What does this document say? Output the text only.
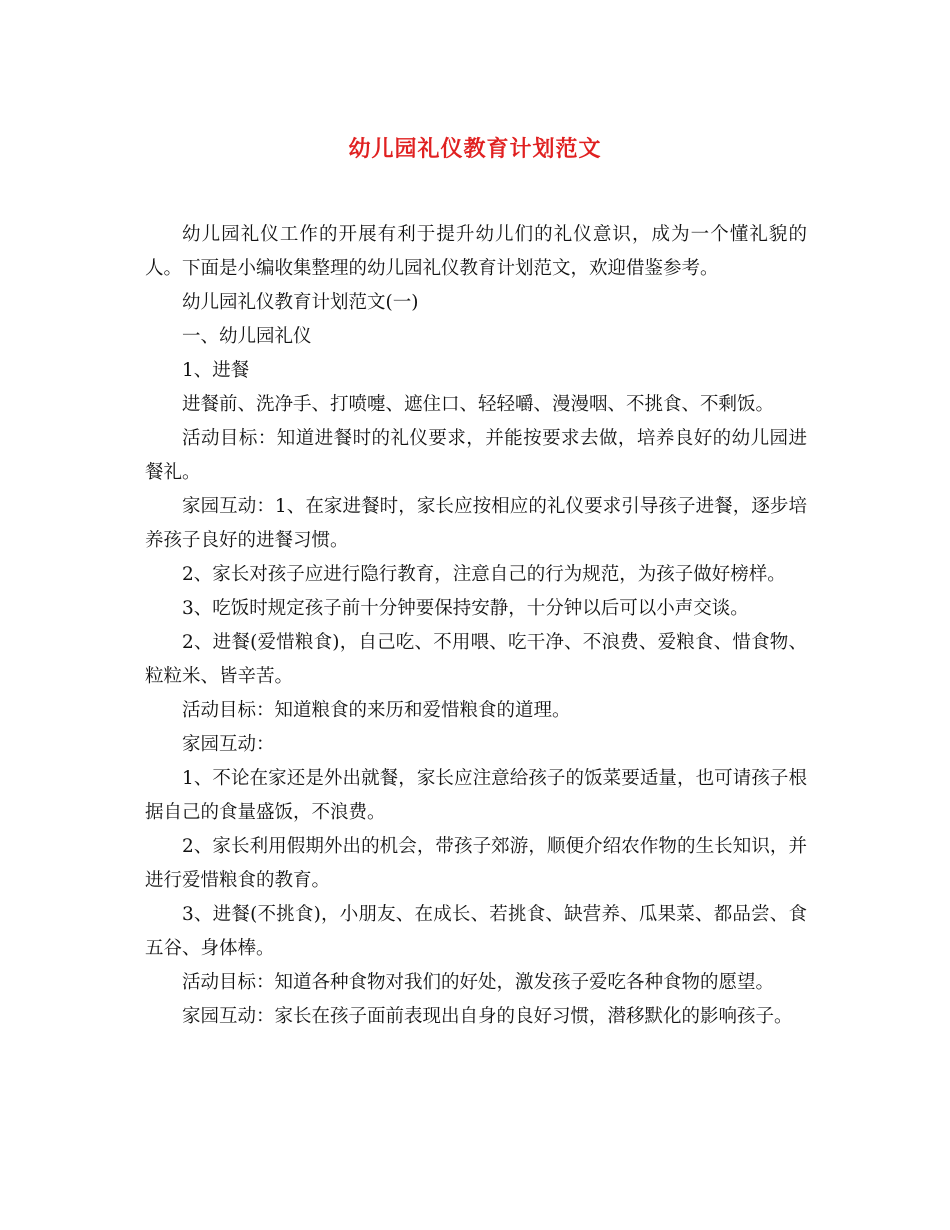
幼儿园礼仪教育计划范文

幼儿园礼仪工作的开展有利于提升幼儿们的礼仪意识，成为一个懂礼貌的人。下面是小编收集整理的幼儿园礼仪教育计划范文，欢迎借鉴参考。

幼儿园礼仪教育计划范文(一)

一、幼儿园礼仪

1、进餐

进餐前、洗净手、打喷嚏、遮住口、轻轻嚼、漫漫咽、不挑食、不剩饭。

活动目标：知道进餐时的礼仪要求，并能按要求去做，培养良好的幼儿园进餐礼。

家园互动：1、在家进餐时，家长应按相应的礼仪要求引导孩子进餐，逐步培养孩子良好的进餐习惯。

2、家长对孩子应进行隐行教育，注意自己的行为规范，为孩子做好榜样。

3、吃饭时规定孩子前十分钟要保持安静，十分钟以后可以小声交谈。

2、进餐(爱惜粮食)，自己吃、不用喂、吃干净、不浪费、爱粮食、惜食物、粒粒米、皆辛苦。

活动目标：知道粮食的来历和爱惜粮食的道理。

家园互动：

1、不论在家还是外出就餐，家长应注意给孩子的饭菜要适量，也可请孩子根据自己的食量盛饭，不浪费。

2、家长利用假期外出的机会，带孩子郊游，顺便介绍农作物的生长知识，并进行爱惜粮食的教育。

3、进餐(不挑食)，小朋友、在成长、若挑食、缺营养、瓜果菜、都品尝、食五谷、身体棒。

活动目标：知道各种食物对我们的好处，激发孩子爱吃各种食物的愿望。

家园互动：家长在孩子面前表现出自身的良好习惯，潜移默化的影响孩子。
